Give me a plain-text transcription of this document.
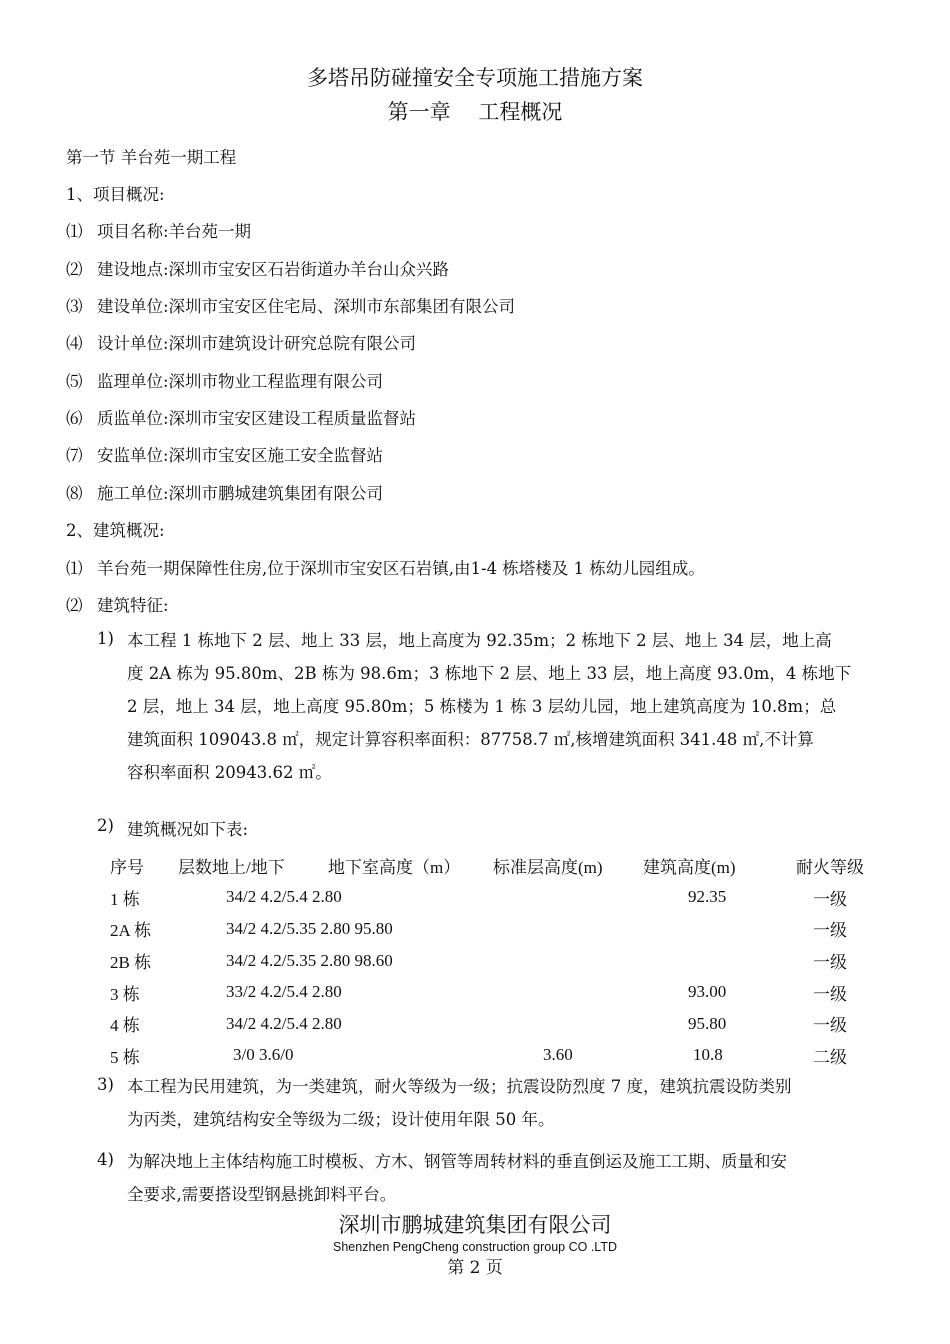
多塔吊防碰撞安全专项施工措施方案
第一章　 工程概况
第一节 羊台苑一期工程
1、项目概况:
⑴ 项目名称:羊台苑一期
⑵ 建设地点:深圳市宝安区石岩街道办羊台山众兴路
⑶ 建设单位:深圳市宝安区住宅局、深圳市东部集团有限公司
⑷ 设计单位:深圳市建筑设计研究总院有限公司
⑸ 监理单位:深圳市物业工程监理有限公司
⑹ 质监单位:深圳市宝安区建设工程质量监督站
⑺ 安监单位:深圳市宝安区施工安全监督站
⑻ 施工单位:深圳市鹏城建筑集团有限公司
2、建筑概况:
⑴ 羊台苑一期保障性住房,位于深圳市宝安区石岩镇,由1-4 栋塔楼及 1 栋幼儿园组成。
⑵ 建筑特征:
1) 本工程 1 栋地下 2 层、地上 33 层，地上高度为 92.35m；2 栋地下 2 层、地上 34 层，地上高

度 2A 栋为 95.80m、2B 栋为 98.6m；3 栋地下 2 层、地上 33 层，地上高度 93.0m，4 栋地下

2 层，地上 34 层，地上高度 95.80m；5 栋楼为 1 栋 3 层幼儿园，地上建筑高度为 10.8m；总

建筑面积 109043.8 ㎡，规定计算容积率面积：87758.7 ㎡,核增建筑面积 341.48 ㎡,不计算

容积率面积 20943.62 ㎡。

2) 建筑概况如下表:
序号	层数地上/地下	地下室高度（m）	标准层高度(m)	建筑高度(m)	耐火等级
1 栋	34/2 4.2/5.4 2.80			92.35	一级
2A 栋	34/2 4.2/5.35 2.80 95.80				一级
2B 栋	34/2 4.2/5.35 2.80 98.60				一级
3 栋	33/2 4.2/5.4 2.80			93.00	一级
4 栋	34/2 4.2/5.4 2.80			95.80	一级
5 栋	3/0 3.6/0		3.60	10.8	二级
3) 本工程为民用建筑，为一类建筑，耐火等级为一级；抗震设防烈度 7 度，建筑抗震设防类别

为丙类，建筑结构安全等级为二级；设计使用年限 50 年。

4) 为解决地上主体结构施工时模板、方木、钢管等周转材料的垂直倒运及施工工期、质量和安

全要求,需要搭设型钢悬挑卸料平台。

深圳市鹏城建筑集团有限公司
Shenzhen PengCheng construction group CO .LTD
第 2 页
